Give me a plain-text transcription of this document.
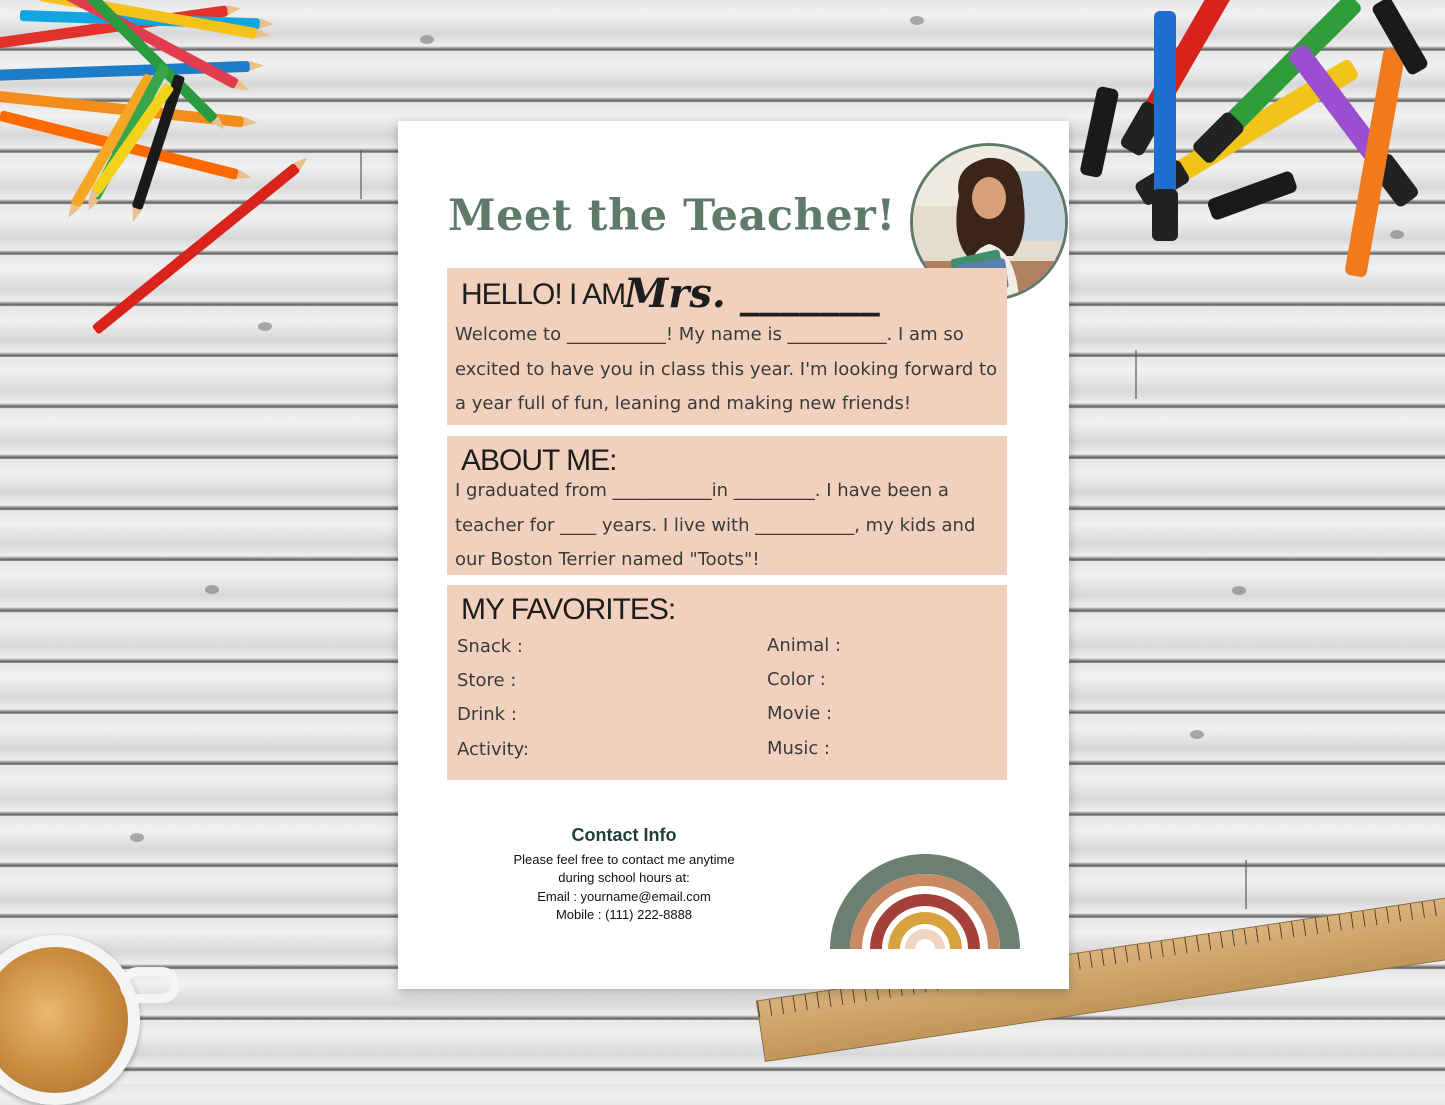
Meet the Teacher!
HELLO! I AM
Mrs. _______

Welcome to ___________! My name is ___________. I am so excited to have you in class this year. I'm looking forward to a year full of fun, leaning and making new friends!

ABOUT ME:

I graduated from ___________in _________. I have been a teacher for ____ years. I live with ___________, my kids and our Boston Terrier named "Toots"!

MY FAVORITES:
Snack :
Store :
Drink :
Activity:
Animal :
Color :
Movie :
Music :
Contact Info
Please feel free to contact me anytime
during school hours at:
Email : yourname@email.com
Mobile : (111) 222-8888
